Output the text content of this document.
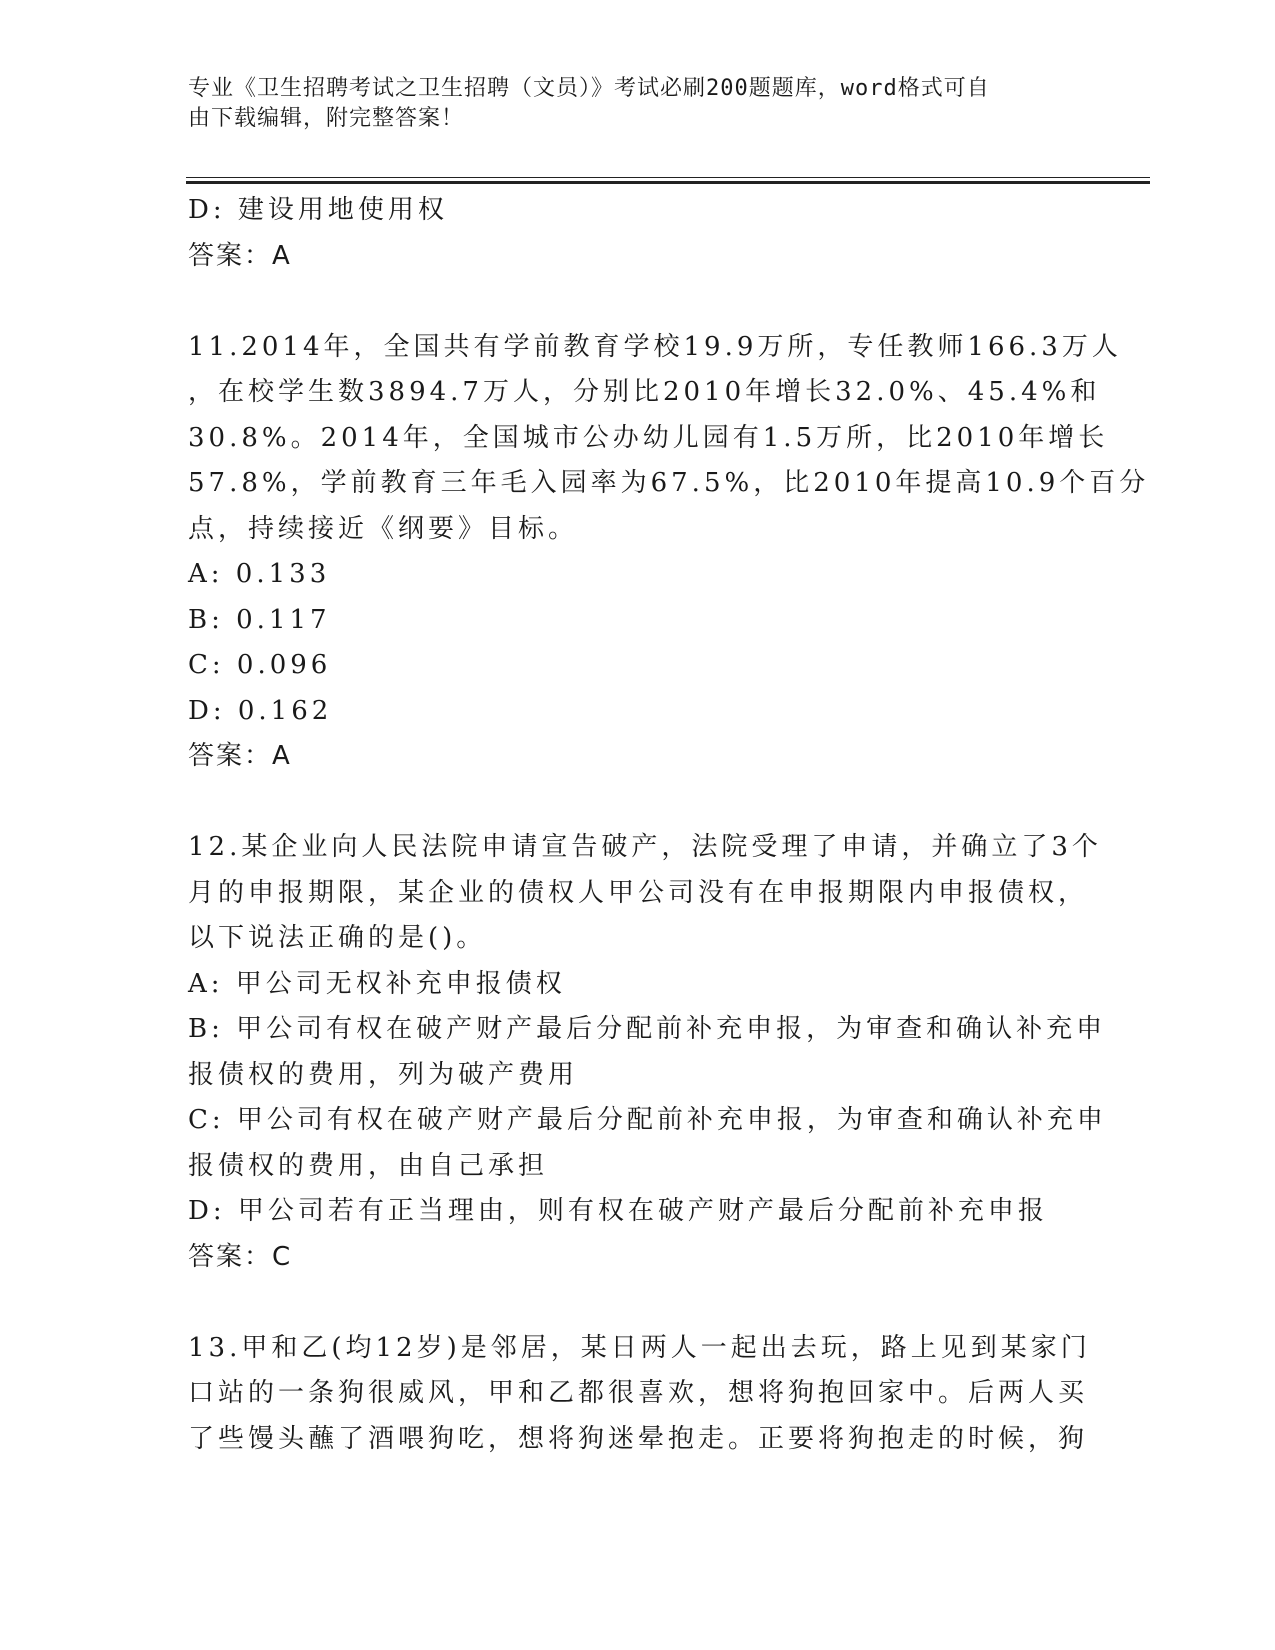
专业《卫生招聘考试之卫生招聘（文员）》考试必刷200题题库，word格式可自
由下载编辑，附完整答案！
D: 建设用地使用权
答案：A
11.2014年，全国共有学前教育学校19.9万所，专任教师166.3万人
，在校学生数3894.7万人，分别比2010年增长32.0%、45.4%和
30.8%。2014年，全国城市公办幼儿园有1.5万所，比2010年增长
57.8%，学前教育三年毛入园率为67.5%，比2010年提高10.9个百分
点，持续接近《纲要》目标。
A: 0.133
B: 0.117
C: 0.096
D: 0.162
答案：A
12.某企业向人民法院申请宣告破产，法院受理了申请，并确立了3个
月的申报期限，某企业的债权人甲公司没有在申报期限内申报债权，
以下说法正确的是()。
A: 甲公司无权补充申报债权
B: 甲公司有权在破产财产最后分配前补充申报，为审查和确认补充申
报债权的费用，列为破产费用
C: 甲公司有权在破产财产最后分配前补充申报，为审查和确认补充申
报债权的费用，由自己承担
D: 甲公司若有正当理由，则有权在破产财产最后分配前补充申报
答案：C
13.甲和乙(均12岁)是邻居，某日两人一起出去玩，路上见到某家门
口站的一条狗很威风，甲和乙都很喜欢，想将狗抱回家中。后两人买
了些馒头蘸了酒喂狗吃，想将狗迷晕抱走。正要将狗抱走的时候，狗
